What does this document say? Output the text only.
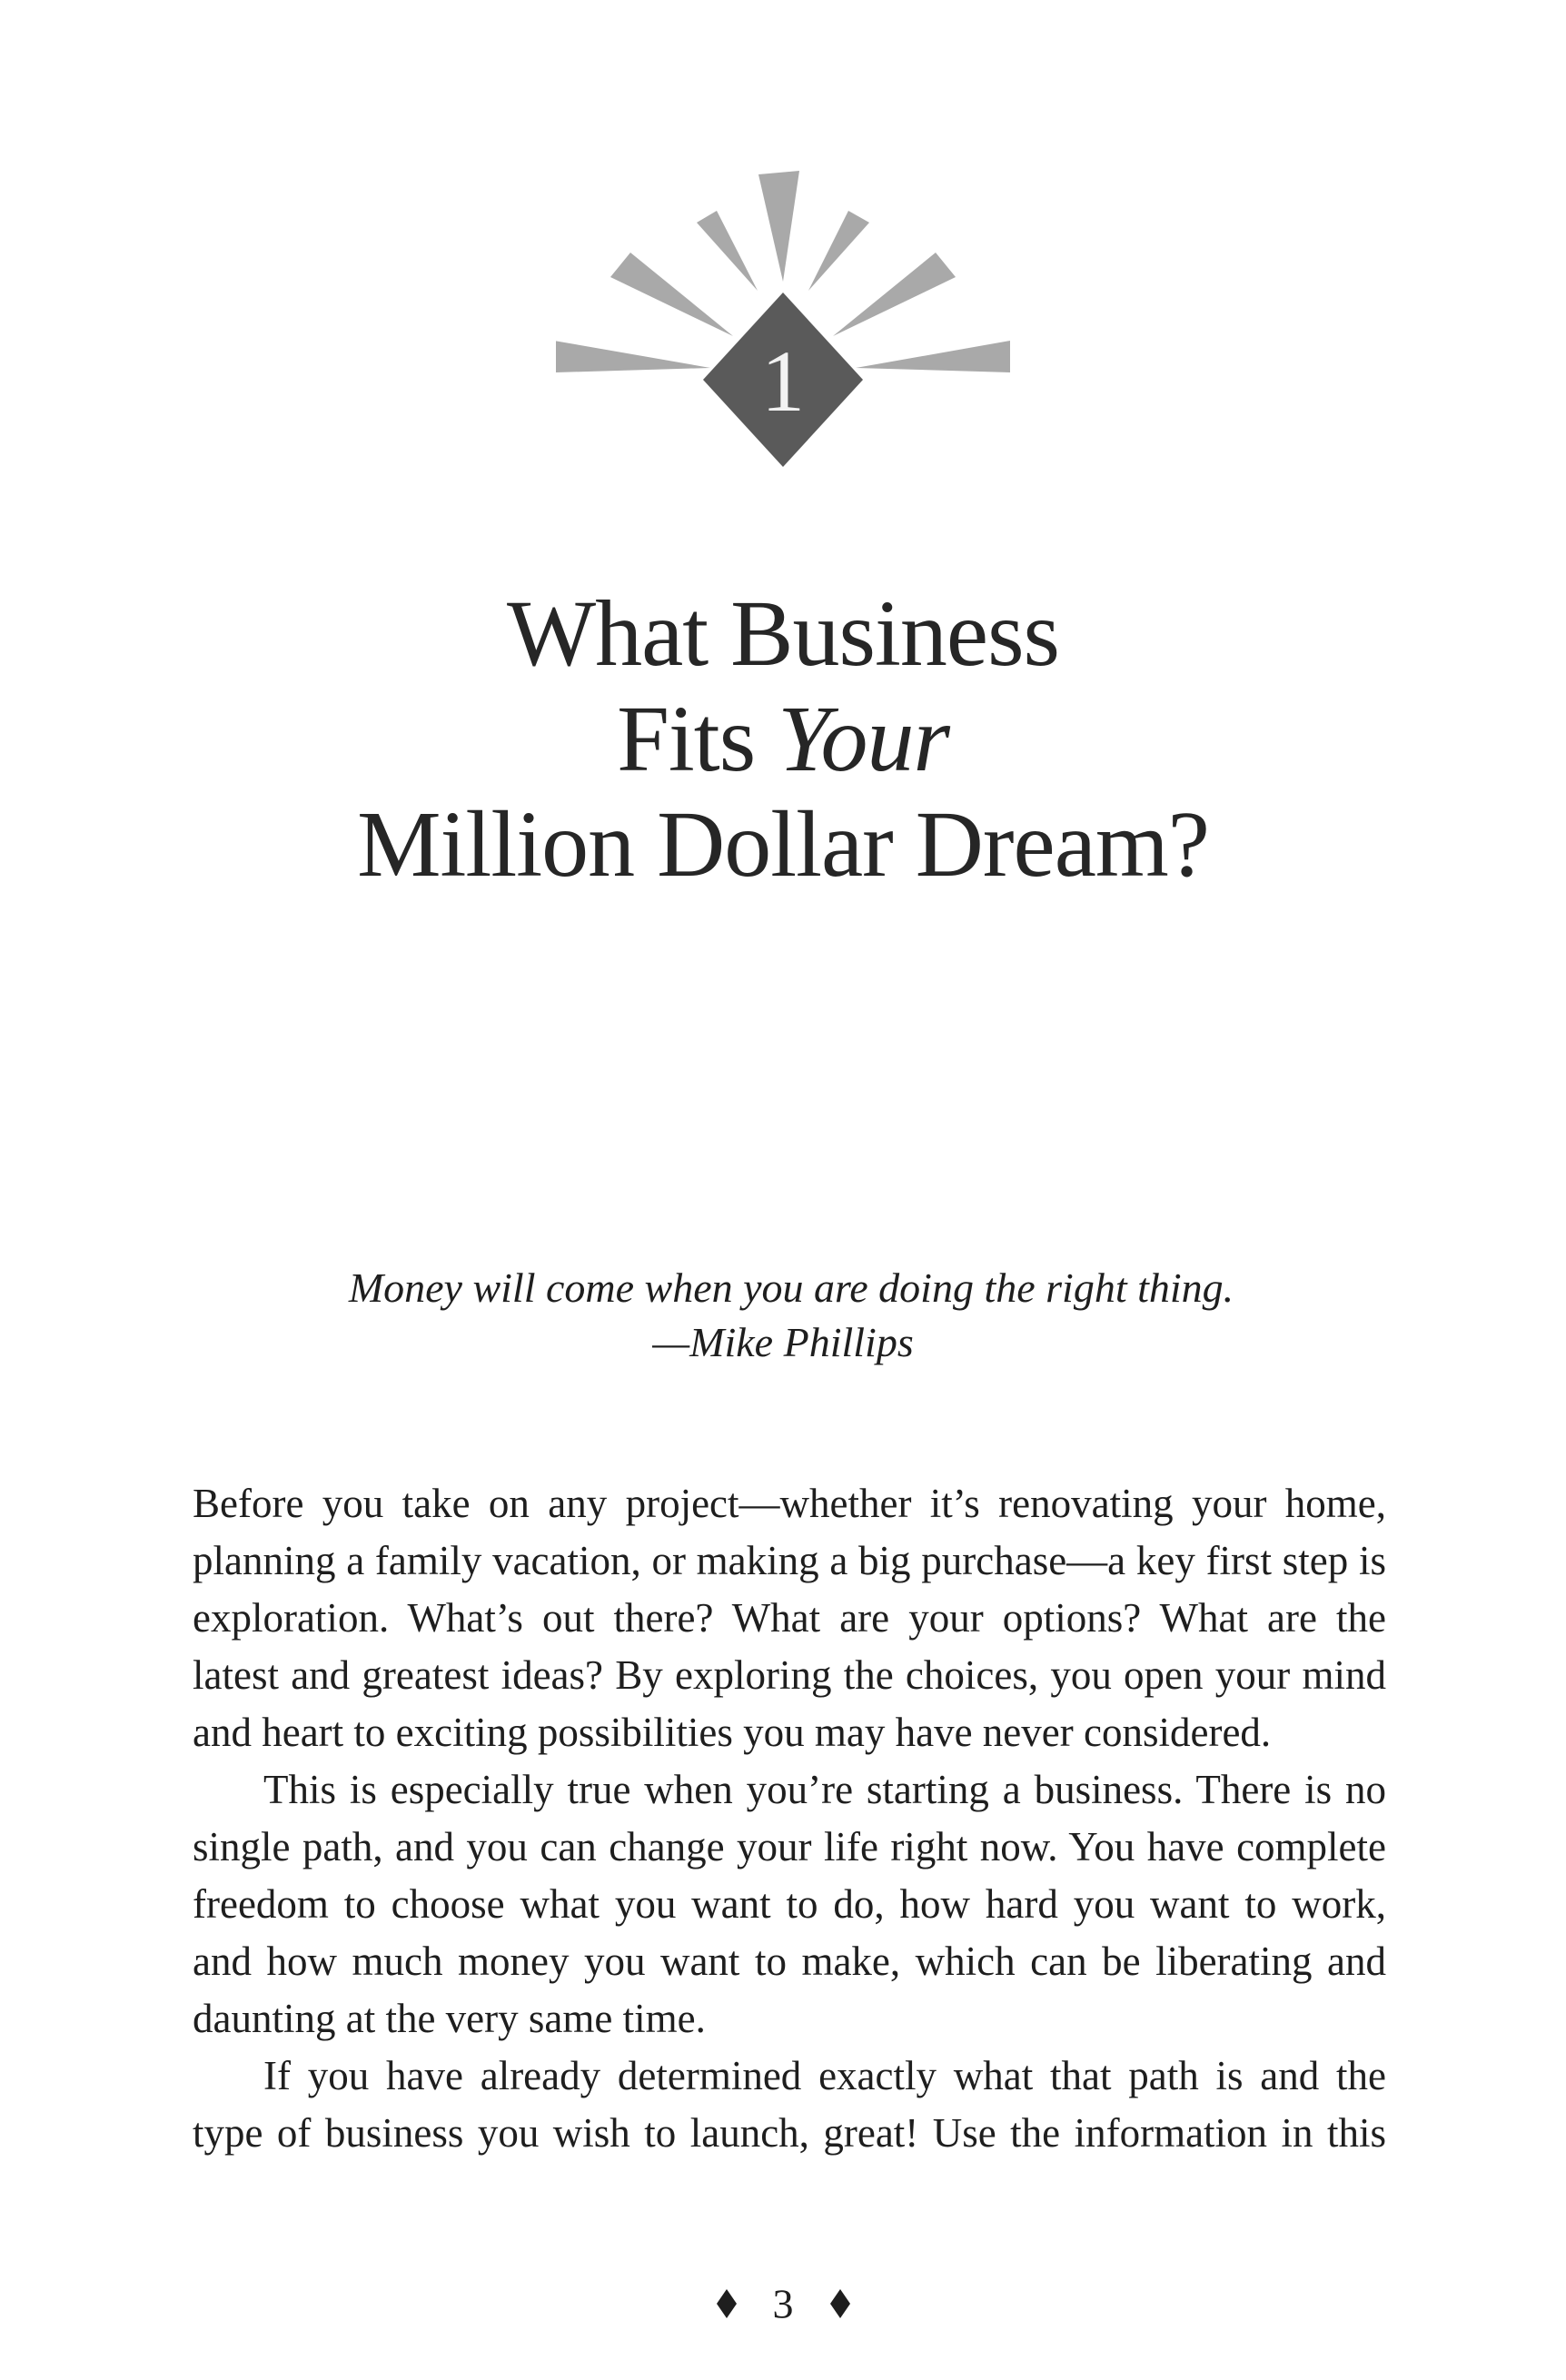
1
What Business
Fits Your
Million Dollar Dream?
Money will come when you are doing the right thing.
—Mike Phillips

Before you take on any project—whether it’s renovating your home, planning a family vacation, or making a big purchase—a key first step is exploration. What’s out there? What are your options? What are the latest and greatest ideas? By exploring the choices, you open your mind and heart to exciting possibilities you may have never considered.

This is especially true when you’re starting a business. There is no single path, and you can change your life right now. You have complete freedom to choose what you want to do, how hard you want to work, and how much money you want to make, which can be liberating and daunting at the very same time.

If you have already determined exactly what that path is and the type of business you wish to launch, great! Use the information in this

3
